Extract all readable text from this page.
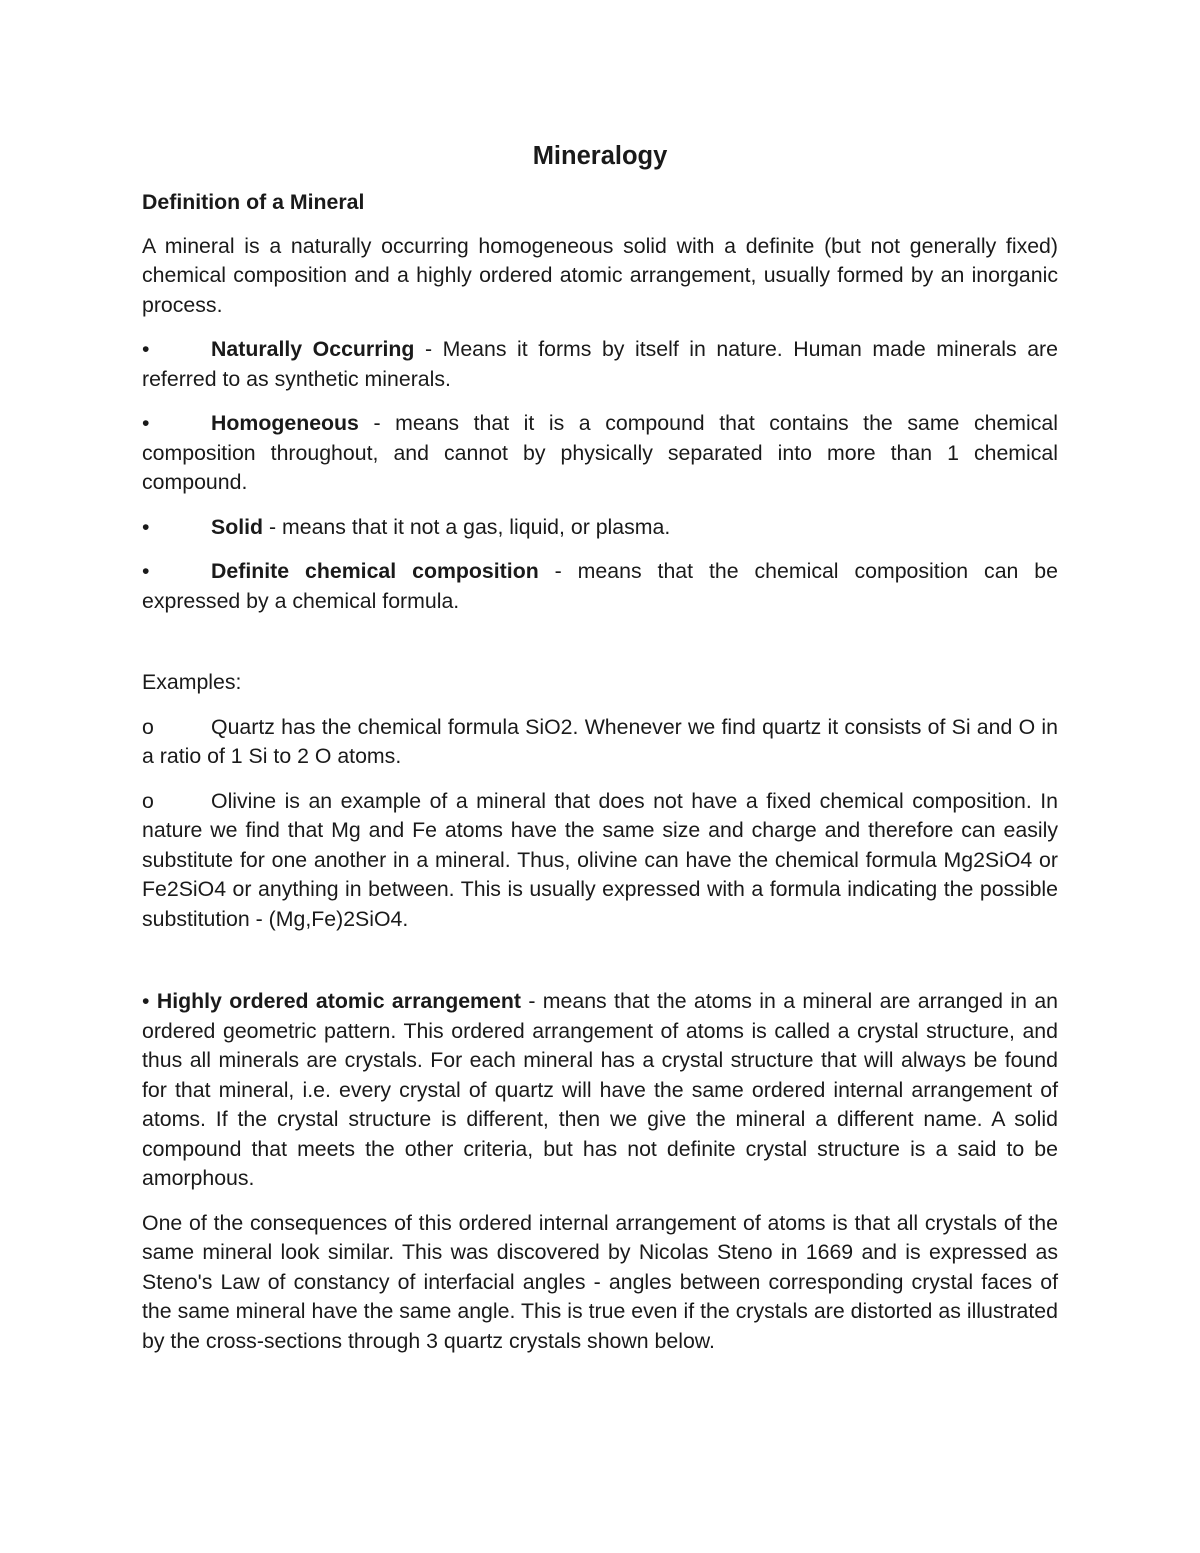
Mineralogy
Definition of a Mineral

A mineral is a naturally occurring homogeneous solid with a definite (but not generally fixed) chemical composition and a highly ordered atomic arrangement, usually formed by an inorganic process.

•	Naturally Occurring - Means it forms by itself in nature. Human made minerals are referred to as synthetic minerals.

•	Homogeneous - means that it is a compound that contains the same chemical composition throughout, and cannot by physically separated into more than 1 chemical compound.

•	Solid - means that it not a gas, liquid, or plasma.

•	Definite chemical composition - means that the chemical composition can be expressed by a chemical formula.

Examples:

o	Quartz has the chemical formula SiO2. Whenever we find quartz it consists of Si and O in a ratio of 1 Si to 2 O atoms.

o	Olivine is an example of a mineral that does not have a fixed chemical composition. In nature we find that Mg and Fe atoms have the same size and charge and therefore can easily substitute for one another in a mineral. Thus, olivine can have the chemical formula Mg2SiO4 or Fe2SiO4 or anything in between. This is usually expressed with a formula indicating the possible substitution - (Mg,Fe)2SiO4.

• Highly ordered atomic arrangement - means that the atoms in a mineral are arranged in an ordered geometric pattern. This ordered arrangement of atoms is called a crystal structure, and thus all minerals are crystals. For each mineral has a crystal structure that will always be found for that mineral, i.e. every crystal of quartz will have the same ordered internal arrangement of atoms. If the crystal structure is different, then we give the mineral a different name. A solid compound that meets the other criteria, but has not definite crystal structure is a said to be amorphous.

One of the consequences of this ordered internal arrangement of atoms is that all crystals of the same mineral look similar. This was discovered by Nicolas Steno in 1669 and is expressed as Steno's Law of constancy of interfacial angles - angles between corresponding crystal faces of the same mineral have the same angle. This is true even if the crystals are distorted as illustrated by the cross-sections through 3 quartz crystals shown below.
